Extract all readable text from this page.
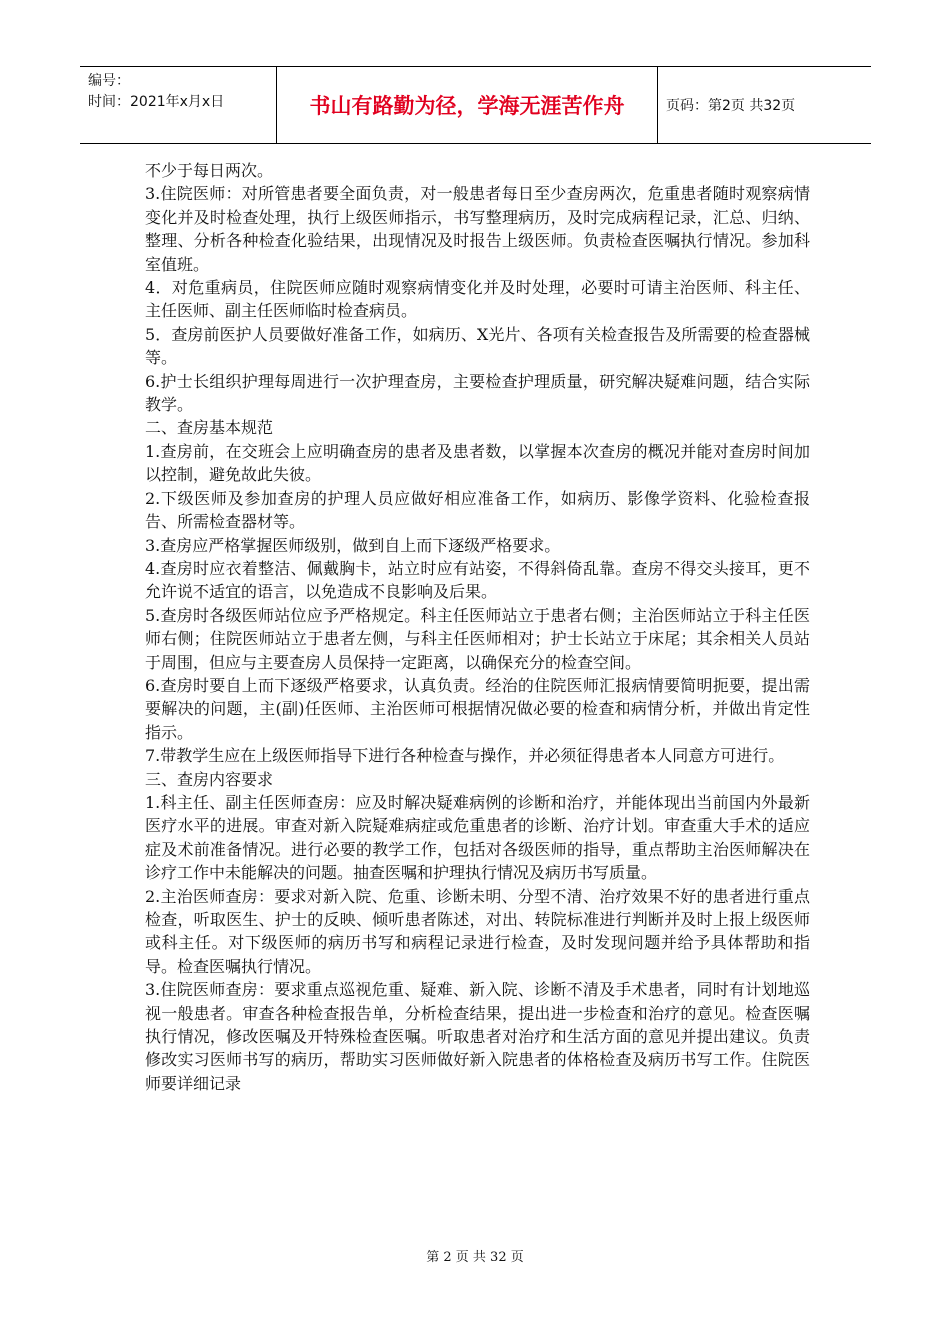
编号：
时间：2021年x月x日	书山有路勤为径，学海无涯苦作舟	页码：第2页 共32页

不少于每日两次。

3.住院医师：对所管患者要全面负责，对一般患者每日至少查房两次，危重患者随时观察病情变化并及时检查处理，执行上级医师指示，书写整理病历，及时完成病程记录，汇总、归纳、整理、分析各种检查化验结果，出现情况及时报告上级医师。负责检查医嘱执行情况。参加科室值班。

4．对危重病员，住院医师应随时观察病情变化并及时处理，必要时可请主治医师、科主任、主任医师、副主任医师临时检查病员。

5．查房前医护人员要做好准备工作，如病历、X光片、各项有关检查报告及所需要的检查器械等。

6.护士长组织护理每周进行一次护理查房，主要检查护理质量，研究解决疑难问题，结合实际教学。

二、查房基本规范

1.查房前，在交班会上应明确查房的患者及患者数，以掌握本次查房的概况并能对查房时间加以控制，避免故此失彼。

2.下级医师及参加查房的护理人员应做好相应准备工作，如病历、影像学资料、化验检查报告、所需检查器材等。

3.查房应严格掌握医师级别，做到自上而下逐级严格要求。

4.查房时应衣着整洁、佩戴胸卡，站立时应有站姿，不得斜倚乱靠。查房不得交头接耳，更不允许说不适宜的语言，以免造成不良影响及后果。

5.查房时各级医师站位应予严格规定。科主任医师站立于患者右侧；主治医师站立于科主任医师右侧；住院医师站立于患者左侧，与科主任医师相对；护士长站立于床尾；其余相关人员站于周围，但应与主要查房人员保持一定距离，以确保充分的检查空间。

6.查房时要自上而下逐级严格要求，认真负责。经治的住院医师汇报病情要简明扼要，提出需要解决的问题，主(副)任医师、主治医师可根据情况做必要的检查和病情分析，并做出肯定性指示。

7.带教学生应在上级医师指导下进行各种检查与操作，并必须征得患者本人同意方可进行。

三、查房内容要求

1.科主任、副主任医师查房：应及时解决疑难病例的诊断和治疗，并能体现出当前国内外最新医疗水平的进展。审查对新入院疑难病症或危重患者的诊断、治疗计划。审查重大手术的适应症及术前准备情况。进行必要的教学工作，包括对各级医师的指导，重点帮助主治医师解决在诊疗工作中未能解决的问题。抽查医嘱和护理执行情况及病历书写质量。

2.主治医师查房：要求对新入院、危重、诊断未明、分型不清、治疗效果不好的患者进行重点检查，听取医生、护士的反映、倾听患者陈述，对出、转院标准进行判断并及时上报上级医师或科主任。对下级医师的病历书写和病程记录进行检查，及时发现问题并给予具体帮助和指导。检查医嘱执行情况。

3.住院医师查房：要求重点巡视危重、疑难、新入院、诊断不清及手术患者，同时有计划地巡视一般患者。审查各种检查报告单，分析检查结果，提出进一步检查和治疗的意见。检查医嘱执行情况，修改医嘱及开特殊检查医嘱。听取患者对治疗和生活方面的意见并提出建议。负责修改实习医师书写的病历，帮助实习医师做好新入院患者的体格检查及病历书写工作。住院医师要详细记录

第 2 页 共 32 页
